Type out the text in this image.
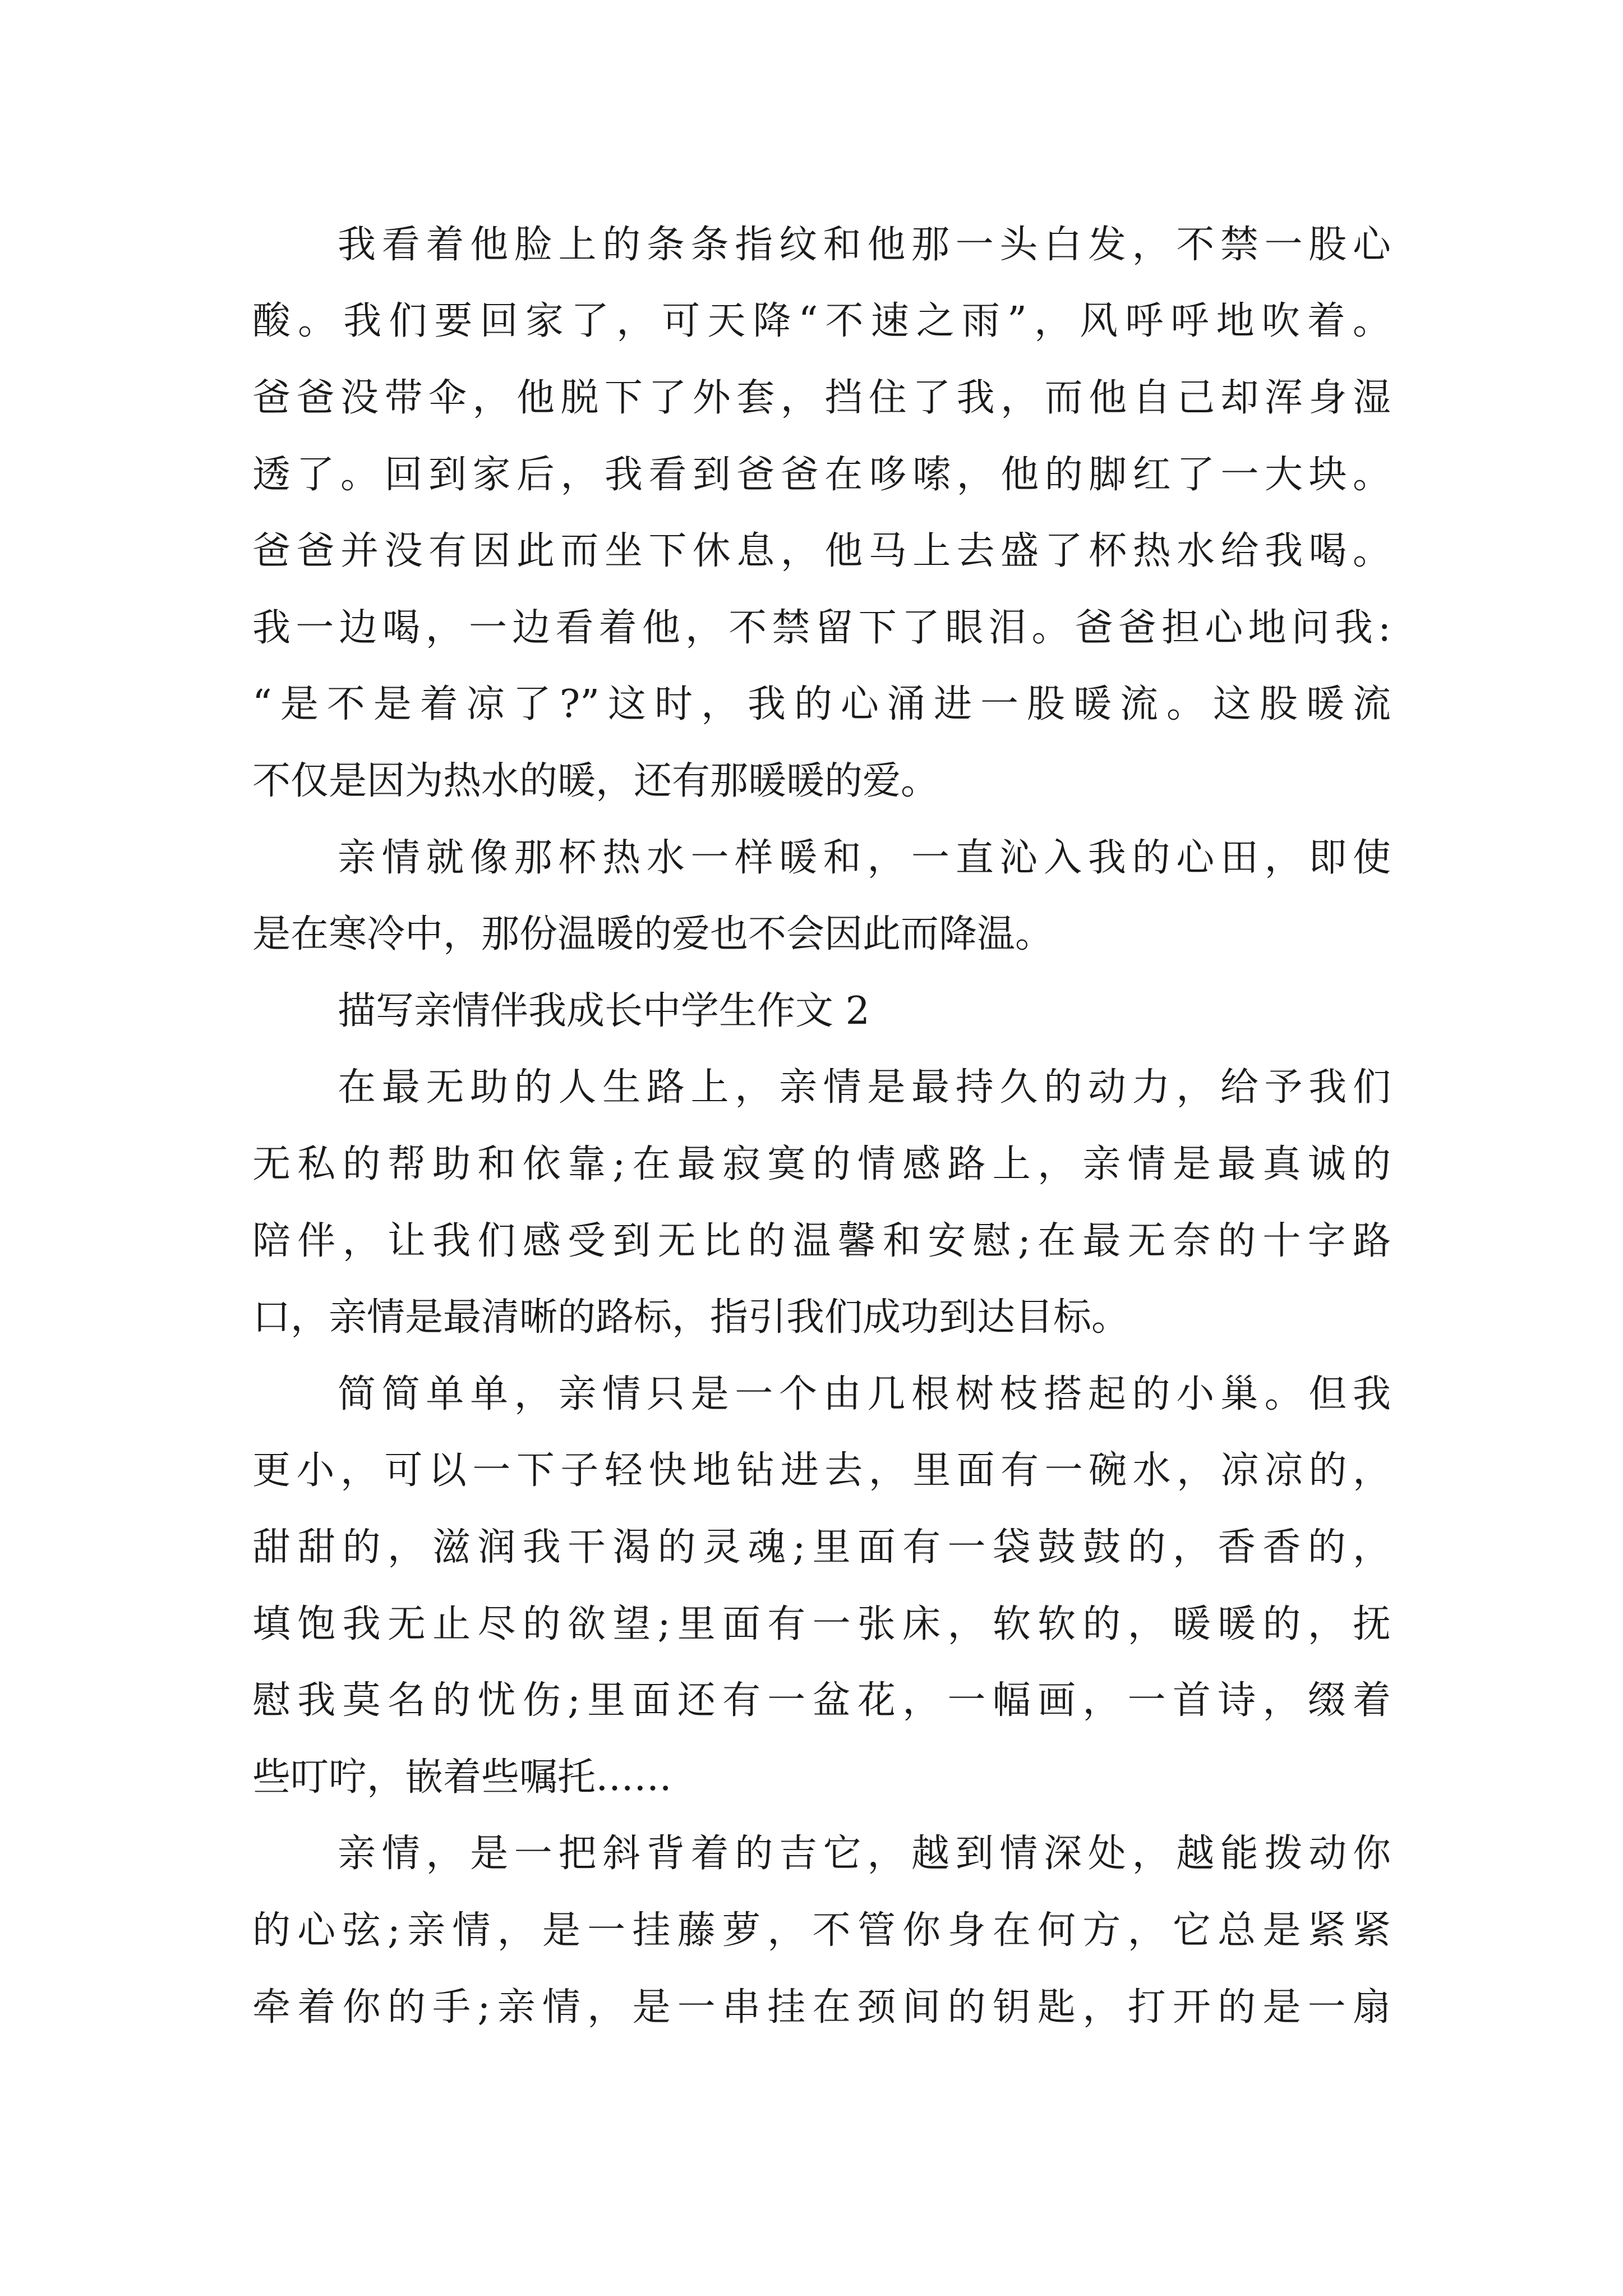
我看着他脸上的条条指纹和他那一头白发，不禁一股心
酸。我们要回家了，可天降“不速之雨”，风呼呼地吹着。
爸爸没带伞，他脱下了外套，挡住了我，而他自己却浑身湿
透了。回到家后，我看到爸爸在哆嗦，他的脚红了一大块。
爸爸并没有因此而坐下休息，他马上去盛了杯热水给我喝。
我一边喝，一边看着他，不禁留下了眼泪。爸爸担心地问我:
“是不是着凉了?”这时，我的心涌进一股暖流。这股暖流
不仅是因为热水的暖，还有那暖暖的爱。
亲情就像那杯热水一样暖和，一直沁入我的心田，即使
是在寒冷中，那份温暖的爱也不会因此而降温。
描写亲情伴我成长中学生作文 2
在最无助的人生路上，亲情是最持久的动力，给予我们
无私的帮助和依靠;在最寂寞的情感路上，亲情是最真诚的
陪伴，让我们感受到无比的温馨和安慰;在最无奈的十字路
口，亲情是最清晰的路标，指引我们成功到达目标。
简简单单，亲情只是一个由几根树枝搭起的小巢。但我
更小，可以一下子轻快地钻进去，里面有一碗水，凉凉的，
甜甜的，滋润我干渴的灵魂;里面有一袋鼓鼓的，香香的，
填饱我无止尽的欲望;里面有一张床，软软的，暖暖的，抚
慰我莫名的忧伤;里面还有一盆花，一幅画，一首诗，缀着
些叮咛，嵌着些嘱托……
亲情，是一把斜背着的吉它，越到情深处，越能拨动你
的心弦;亲情，是一挂藤萝，不管你身在何方，它总是紧紧
牵着你的手;亲情，是一串挂在颈间的钥匙，打开的是一扇
